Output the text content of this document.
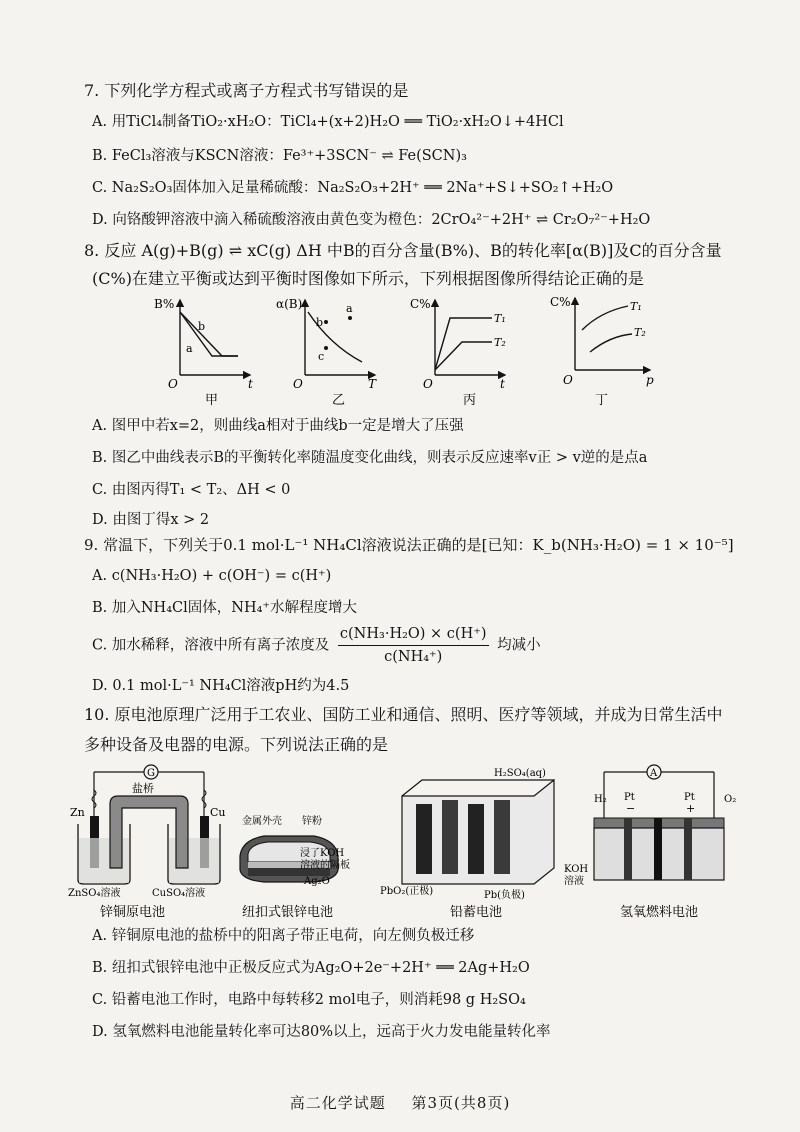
7. 下列化学方程式或离子方程式书写错误的是
A. 用TiCl₄制备TiO₂·xH₂O：TiCl₄+(x+2)H₂O ══ TiO₂·xH₂O↓+4HCl
B. FeCl₃溶液与KSCN溶液：Fe³⁺+3SCN⁻ ⇌ Fe(SCN)₃
C. Na₂S₂O₃固体加入足量稀硫酸：Na₂S₂O₃+2H⁺ ══ 2Na⁺+S↓+SO₂↑+H₂O
D. 向铬酸钾溶液中滴入稀硫酸溶液由黄色变为橙色：2CrO₄²⁻+2H⁺ ⇌ Cr₂O₇²⁻+H₂O
8. 反应 A(g)+B(g) ⇌ xC(g) ΔH 中B的百分含量(B%)、B的转化率[α(B)]及C的百分含量
(C%)在建立平衡或达到平衡时图像如下所示，下列根据图像所得结论正确的是
B%
t
O
a
b
甲
α(B)
T
O
a
b
c
乙
C%
t
O
T₁
T₂
丙
C%
p
O
T₁
T₂
丁
A. 图甲中若x=2，则曲线a相对于曲线b一定是增大了压强
B. 图乙中曲线表示B的平衡转化率随温度变化曲线，则表示反应速率v正 > v逆的是点a
C. 由图丙得T₁ < T₂、ΔH < 0
D. 由图丁得x > 2
9. 常温下，下列关于0.1 mol·L⁻¹ NH₄Cl溶液说法正确的是[已知：K_b(NH₃·H₂O) = 1 × 10⁻⁵]
A. c(NH₃·H₂O) + c(OH⁻) = c(H⁺)
B. 加入NH₄Cl固体，NH₄⁺水解程度增大
C. 加水稀释，溶液中所有离子浓度及 $\frac{\text{c(NH₃·H₂O) × c(H⁺)}}{\text{c(NH₄⁺)}}$ 均减小
D. 0.1 mol·L⁻¹ NH₄Cl溶液pH约为4.5
10. 原电池原理广泛用于工农业、国防工业和通信、照明、医疗等领域，并成为日常生活中多种设备及电器的电源。下列说法正确的是
G
盐桥
Zn	Cu
ZnSO₄溶液	CuSO₄溶液
锌铜原电池
金属外壳 锌粉
浸了KOH
溶液的隔板
Ag₂O
纽扣式银锌电池
H₂SO₄(aq)
PbO₂(正极)	Pb(负极)
铅蓄电池
A
H₂	O₂
Pt	Pt
−	+
KOH
溶液
氢氧燃料电池
A. 锌铜原电池的盐桥中的阳离子带正电荷，向左侧负极迁移
B. 纽扣式银锌电池中正极反应式为Ag₂O+2e⁻+2H⁺ ══ 2Ag+H₂O
C. 铅蓄电池工作时，电路中每转移2 mol电子，则消耗98 g H₂SO₄
D. 氢氧燃料电池能量转化率可达80%以上，远高于火力发电能量转化率
高二化学试题 第3页(共8页)
